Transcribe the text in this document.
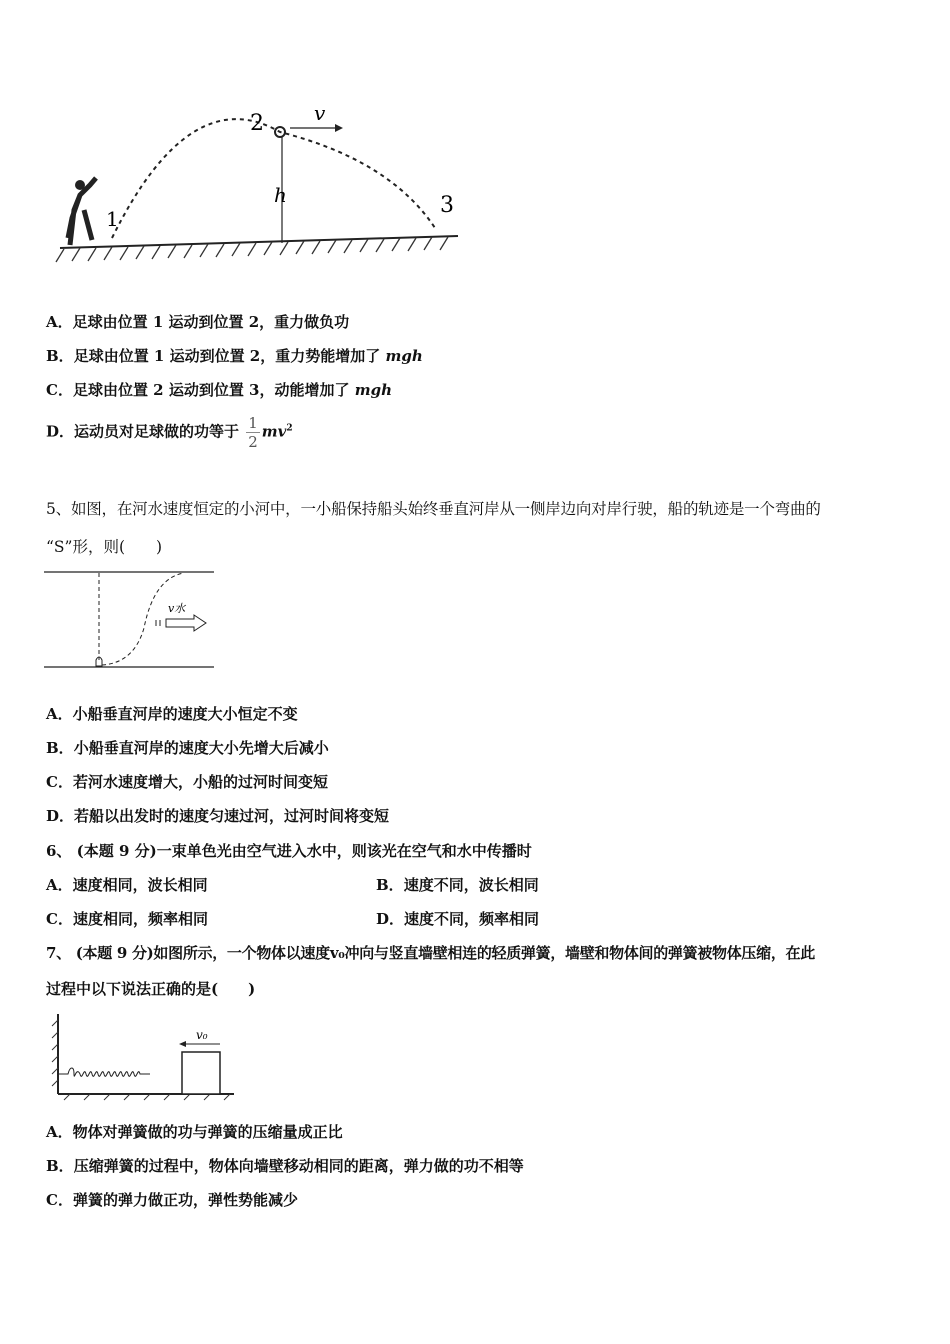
1
2
3
v
h
A．足球由位置 1 运动到位置 2，重力做负功
B．足球由位置 1 运动到位置 2，重力势能增加了 mgh
C．足球由位置 2 运动到位置 3，动能增加了 mgh
D．运动员对足球做的功等于 $\frac{1}{2} mv^2$
5、如图，在河水速度恒定的小河中，一小船保持船头始终垂直河岸从一侧岸边向对岸行驶，船的轨迹是一个弯曲的
“S”形，则(　　)
v水
A．小船垂直河岸的速度大小恒定不变
B．小船垂直河岸的速度大小先增大后减小
C．若河水速度增大，小船的过河时间变短
D．若船以出发时的速度匀速过河，过河时间将变短
6、 (本题 9 分)一束单色光由空气进入水中，则该光在空气和水中传播时
A．速度相同，波长相同	B．速度不同，波长相同
C．速度相同，频率相同	D．速度不同，频率相同
7、 (本题 9 分)如图所示，一个物体以速度v₀冲向与竖直墙壁相连的轻质弹簧，墙壁和物体间的弹簧被物体压缩，在此
过程中以下说法正确的是(　　)
v₀
A．物体对弹簧做的功与弹簧的压缩量成正比
B．压缩弹簧的过程中，物体向墙壁移动相同的距离，弹力做的功不相等
C．弹簧的弹力做正功，弹性势能减少
